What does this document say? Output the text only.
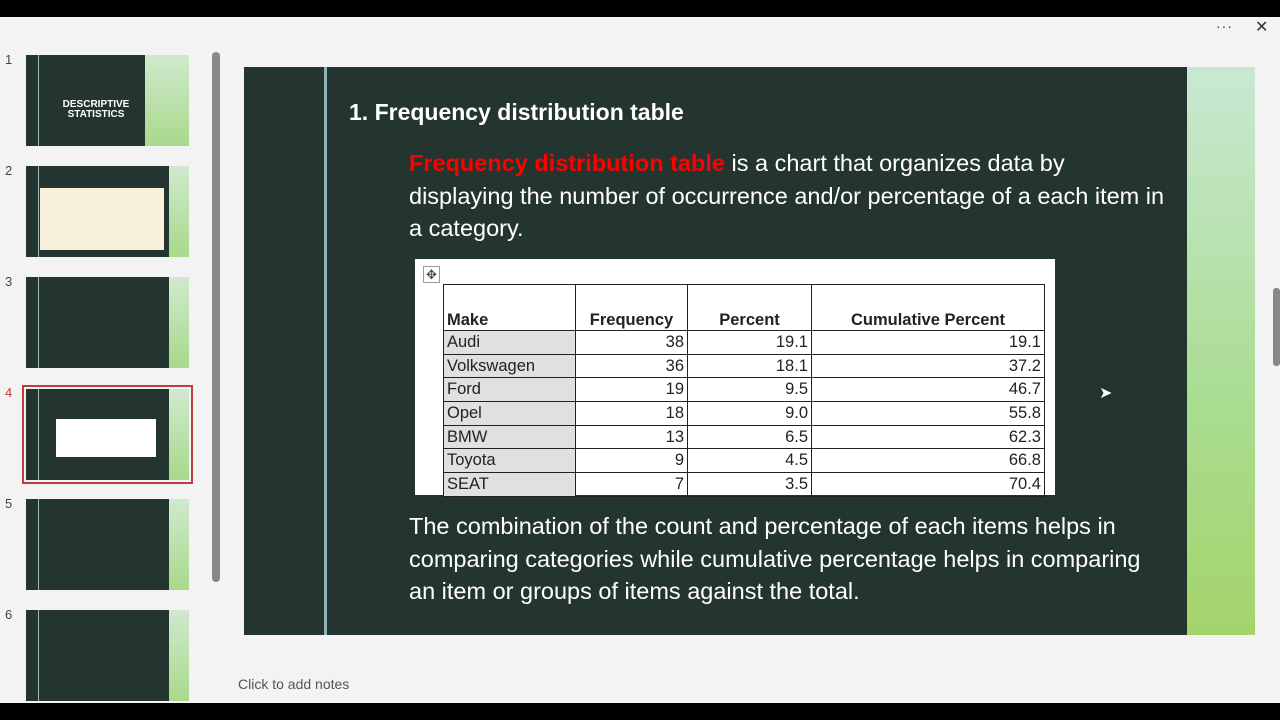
··· ✕
1
DESCRIPTIVE STATISTICS
2
3
4
5
6
1. Frequency distribution table
Frequency distribution table is a chart that organizes data by displaying the number of occurrence and/or percentage of a each item in a category.
✥
Make	Frequency	Percent	Cumulative Percent
Audi	38	19.1	19.1
Volkswagen	36	18.1	37.2
Ford	19	9.5	46.7
Opel	18	9.0	55.8
BMW	13	6.5	62.3
Toyota	9	4.5	66.8
SEAT	7	3.5	70.4
The combination of the count and percentage of each items helps in comparing categories while cumulative percentage helps in comparing an item or groups of items against the total.
➤
Click to add notes
